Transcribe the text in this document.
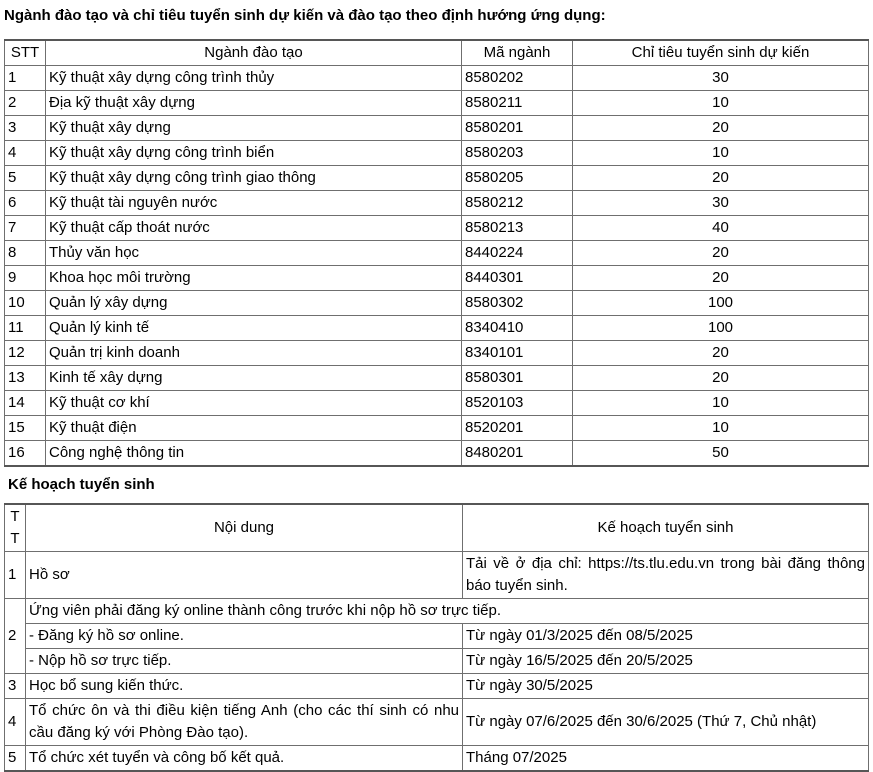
Ngành đào tạo và chỉ tiêu tuyển sinh dự kiến và đào tạo theo định hướng ứng dụng:

STT	Ngành đào tạo	Mã ngành	Chỉ tiêu tuyển sinh dự kiến
1	Kỹ thuật xây dựng công trình thủy	8580202	30
2	Địa kỹ thuật xây dựng	8580211	10
3	Kỹ thuật xây dựng	8580201	20
4	Kỹ thuật xây dựng công trình biển	8580203	10
5	Kỹ thuật xây dựng công trình giao thông	8580205	20
6	Kỹ thuật tài nguyên nước	8580212	30
7	Kỹ thuật cấp thoát nước	8580213	40
8	Thủy văn học	8440224	20
9	Khoa học môi trường	8440301	20
10	Quản lý xây dựng	8580302	100
11	Quản lý kinh tế	8340410	100
12	Quản trị kinh doanh	8340101	20
13	Kinh tế xây dựng	8580301	20
14	Kỹ thuật cơ khí	8520103	10
15	Kỹ thuật điện	8520201	10
16	Công nghệ thông tin	8480201	50

Kế hoạch tuyển sinh

TT	Nội dung	Kế hoạch tuyển sinh
1	Hồ sơ	Tải về ở địa chỉ: https://ts.tlu.edu.vn trong bài đăng thông báo tuyển sinh.
2	Ứng viên phải đăng ký online thành công trước khi nộp hồ sơ trực tiếp.	
	- Đăng ký hồ sơ online.	Từ ngày 01/3/2025 đến 08/5/2025
	- Nộp hồ sơ trực tiếp.	Từ ngày 16/5/2025 đến 20/5/2025
3	Học bổ sung kiến thức.	Từ ngày 30/5/2025
4	Tổ chức ôn và thi điều kiện tiếng Anh (cho các thí sinh có nhu cầu đăng ký với Phòng Đào tạo).	Từ ngày 07/6/2025 đến 30/6/2025 (Thứ 7, Chủ nhật)
5	Tổ chức xét tuyển và công bố kết quả.	Tháng 07/2025
